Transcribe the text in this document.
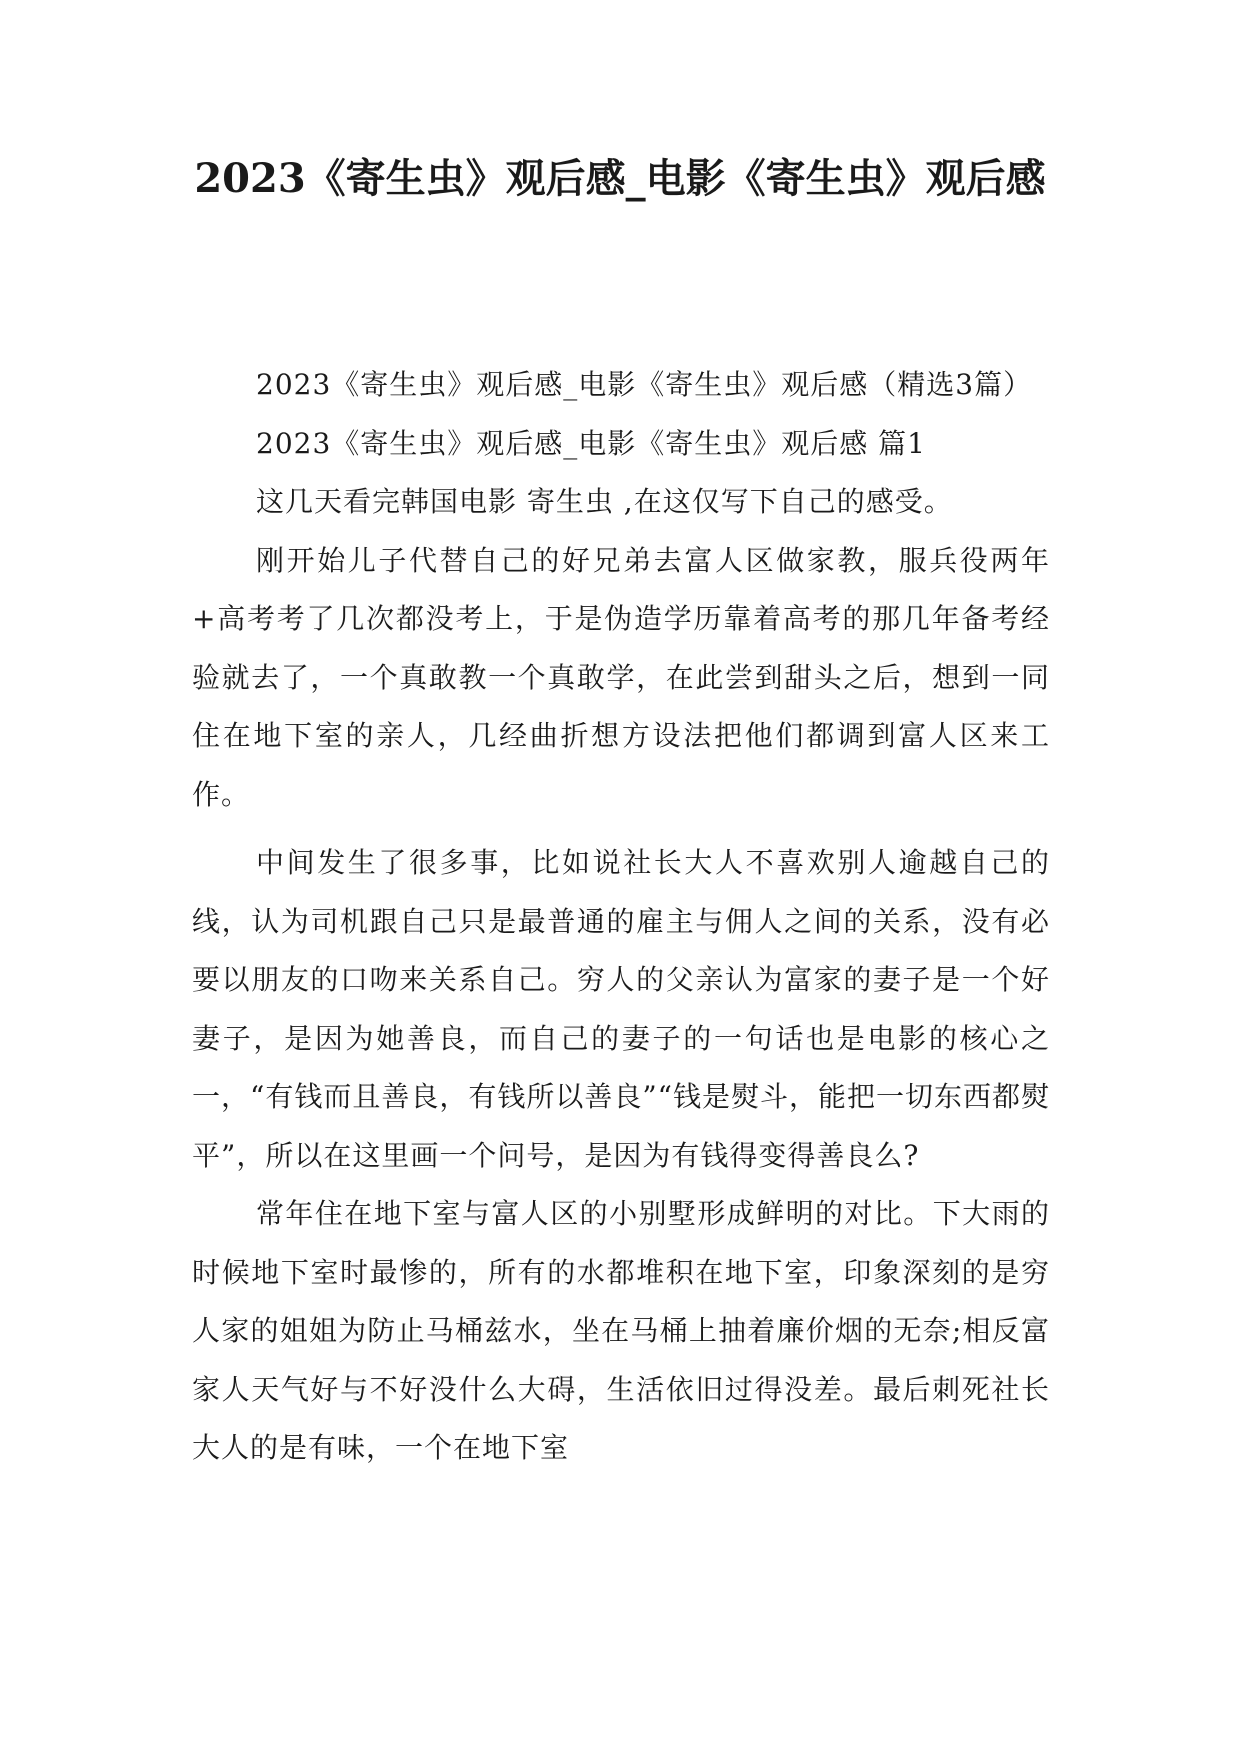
2023《寄生虫》观后感_电影《寄生虫》观后感

2023《寄生虫》观后感_电影《寄生虫》观后感（精选3篇）

2023《寄生虫》观后感_电影《寄生虫》观后感 篇1

这几天看完韩国电影 寄生虫 ,在这仅写下自己的感受。

刚开始儿子代替自己的好兄弟去富人区做家教，服兵役两年+高考考了几次都没考上，于是伪造学历靠着高考的那几年备考经验就去了，一个真敢教一个真敢学，在此尝到甜头之后，想到一同住在地下室的亲人，几经曲折想方设法把他们都调到富人区来工作。

中间发生了很多事，比如说社长大人不喜欢别人逾越自己的线，认为司机跟自己只是最普通的雇主与佣人之间的关系，没有必要以朋友的口吻来关系自己。穷人的父亲认为富家的妻子是一个好妻子，是因为她善良，而自己的妻子的一句话也是电影的核心之一，“有钱而且善良，有钱所以善良”“钱是熨斗，能把一切东西都熨平”，所以在这里画一个问号，是因为有钱得变得善良么?

常年住在地下室与富人区的小别墅形成鲜明的对比。下大雨的时候地下室时最惨的，所有的水都堆积在地下室，印象深刻的是穷人家的姐姐为防止马桶兹水，坐在马桶上抽着廉价烟的无奈;相反富家人天气好与不好没什么大碍，生活依旧过得没差。最后刺死社长大人的是有味，一个在地下室
